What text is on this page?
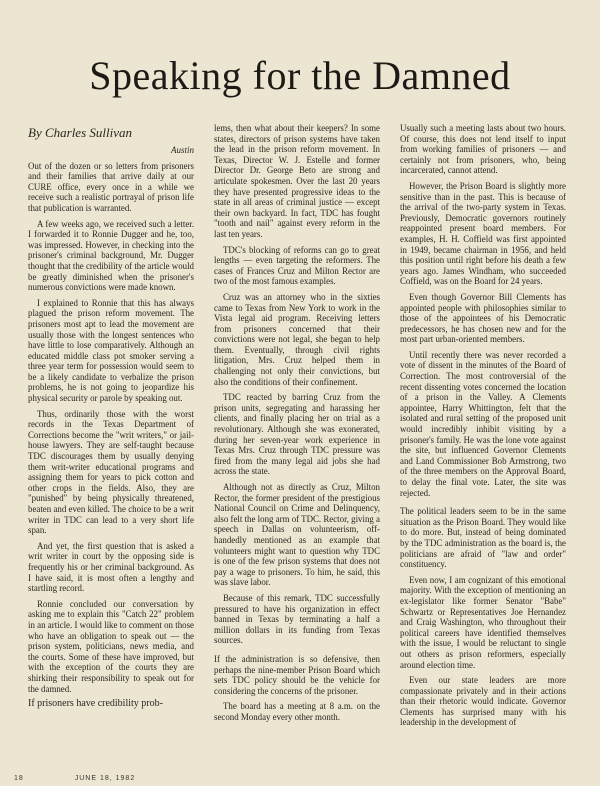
Speaking for the Damned

By Charles Sullivan

Austin

Out of the dozen or so letters from prisoners and their families that arrive daily at our CURE office, every once in a while we receive such a realistic portrayal of prison life that publication is warranted.

A few weeks ago, we received such a letter. I forwarded it to Ronnie Dugger and he, too, was impressed. However, in checking into the prisoner's criminal background, Mr. Dugger thought that the credibility of the article would be greatly diminished when the prisoner's numerous convictions were made known.

I explained to Ronnie that this has always plagued the prison reform movement. The prisoners most apt to lead the movement are usually those with the longest sentences who have little to lose comparatively. Although an educated middle class pot smoker serving a three year term for possession would seem to be a likely candidate to verbalize the prison problems, he is not going to jeopardize his physical security or parole by speaking out.

Thus, ordinarily those with the worst records in the Texas Department of Corrections become the "writ writers," or jail-house lawyers. They are self-taught because TDC discourages them by usually denying them writ-writer educational programs and assigning them for years to pick cotton and other crops in the fields. Also, they are "punished" by being physically threatened, beaten and even killed. The choice to be a writ writer in TDC can lead to a very short life span.

And yet, the first question that is asked a writ writer in court by the opposing side is frequently his or her criminal background. As I have said, it is most often a lengthy and startling record.

Ronnie concluded our conversation by asking me to explain this "Catch 22" problem in an article. I would like to comment on those who have an obligation to speak out — the prison system, politicians, news media, and the courts. Some of these have improved, but with the exception of the courts they are shirking their responsibility to speak out for the damned.

If prisoners have credibility prob-

lems, then what about their keepers? In some states, directors of prison systems have taken the lead in the prison reform movement. In Texas, Director W. J. Estelle and former Director Dr. George Beto are strong and articulate spokesmen. Over the last 20 years they have presented progressive ideas to the state in all areas of criminal justice — except their own backyard. In fact, TDC has fought "tooth and nail" against every reform in the last ten years.

TDC's blocking of reforms can go to great lengths — even targeting the reformers. The cases of Frances Cruz and Milton Rector are two of the most famous examples.

Cruz was an attorney who in the sixties came to Texas from New York to work in the Vista legal aid program. Receiving letters from prisoners concerned that their convictions were not legal, she began to help them. Eventually, through civil rights litigation, Mrs. Cruz helped them in challenging not only their convictions, but also the conditions of their confinement.

TDC reacted by barring Cruz from the prison units, segregating and harassing her clients, and finally placing her on trial as a revolutionary. Although she was exonerated, during her seven-year work experience in Texas Mrs. Cruz through TDC pressure was fired from the many legal aid jobs she had across the state.

Although not as directly as Cruz, Milton Rector, the former president of the prestigious National Council on Crime and Delinquency, also felt the long arm of TDC. Rector, giving a speech in Dallas on volunteerism, off-handedly mentioned as an example that volunteers might want to question why TDC is one of the few prison systems that does not pay a wage to prisoners. To him, he said, this was slave labor.

Because of this remark, TDC successfully pressured to have his organization in effect banned in Texas by terminating a half a million dollars in its funding from Texas sources.

If the administration is so defensive, then perhaps the nine-member Prison Board which sets TDC policy should be the vehicle for considering the concerns of the prisoner.

The board has a meeting at 8 a.m. on the second Monday every other month.

Usually such a meeting lasts about two hours. Of course, this does not lend itself to input from working families of prisoners — and certainly not from prisoners, who, being incarcerated, cannot attend.

However, the Prison Board is slightly more sensitive than in the past. This is because of the arrival of the two-party system in Texas. Previously, Democratic governors routinely reappointed present board members. For examples, H. H. Coffield was first appointed in 1949, became chairman in 1956, and held this position until right before his death a few years ago. James Windham, who succeeded Coffield, was on the Board for 24 years.

Even though Governor Bill Clements has appointed people with philosophies similar to those of the appointees of his Democratic predecessors, he has chosen new and for the most part urban-oriented members.

Until recently there was never recorded a vote of dissent in the minutes of the Board of Correction. The most controversial of the recent dissenting votes concerned the location of a prison in the Valley. A Clements appointee, Harry Whittington, felt that the isolated and rural setting of the proposed unit would incredibly inhibit visiting by a prisoner's family. He was the lone vote against the site, but influenced Governor Clements and Land Commissioner Bob Armstrong, two of the three members on the Approval Board, to delay the final vote. Later, the site was rejected.

The political leaders seem to be in the same situation as the Prison Board. They would like to do more. But, instead of being dominated by the TDC administration as the board is, the politicians are afraid of "law and order" constituency.

Even now, I am cognizant of this emotional majority. With the exception of mentioning an ex-legislator like former Senator "Babe" Schwartz or Representatives Joe Hernandez and Craig Washington, who throughout their political careers have identified themselves with the issue, I would be reluctant to single out others as prison reformers, especially around election time.

Even our state leaders are more compassionate privately and in their actions than their rhetoric would indicate. Governor Clements has surprised many with his leadership in the development of

18	JUNE 18, 1982
